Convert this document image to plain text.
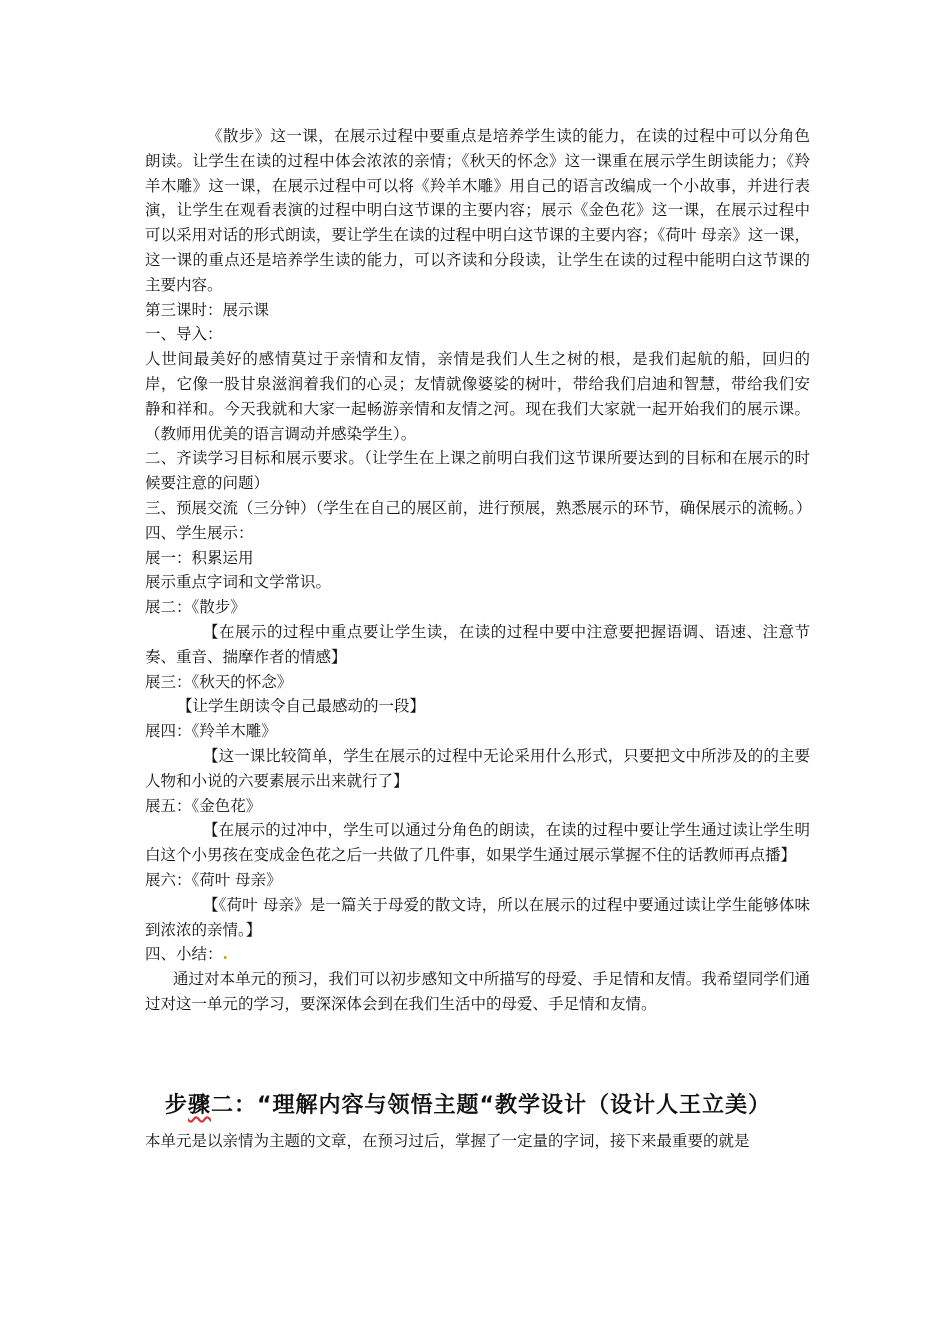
《散步》这一课，在展示过程中要重点是培养学生读的能力，在读的过程中可以分角色朗读。让学生在读的过程中体会浓浓的亲情；《秋天的怀念》这一课重在展示学生朗读能力；《羚羊木雕》这一课，在展示过程中可以将《羚羊木雕》用自己的语言改编成一个小故事，并进行表演，让学生在观看表演的过程中明白这节课的主要内容；展示《金色花》这一课，在展示过程中可以采用对话的形式朗读，要让学生在读的过程中明白这节课的主要内容；《荷叶 母亲》这一课，这一课的重点还是培养学生读的能力，可以齐读和分段读，让学生在读的过程中能明白这节课的主要内容。

第三课时：展示课

一、导入：

人世间最美好的感情莫过于亲情和友情，亲情是我们人生之树的根，是我们起航的船，回归的岸，它像一股甘泉滋润着我们的心灵；友情就像婆娑的树叶，带给我们启迪和智慧，带给我们安静和祥和。今天我就和大家一起畅游亲情和友情之河。现在我们大家就一起开始我们的展示课。（教师用优美的语言调动并感染学生）。

二、齐读学习目标和展示要求。（让学生在上课之前明白我们这节课所要达到的目标和在展示的时候要注意的问题）

三、预展交流（三分钟）（学生在自己的展区前，进行预展，熟悉展示的环节，确保展示的流畅。）

四、学生展示：

展一：积累运用

展示重点字词和文学常识。

展二：《散步》

【在展示的过程中重点要让学生读，在读的过程中要中注意要把握语调、语速、注意节奏、重音、揣摩作者的情感】

展三：《秋天的怀念》

【让学生朗读令自己最感动的一段】

展四：《羚羊木雕》

【这一课比较简单，学生在展示的过程中无论采用什么形式，只要把文中所涉及的的主要人物和小说的六要素展示出来就行了】

展五：《金色花》

【在展示的过冲中，学生可以通过分角色的朗读，在读的过程中要让学生通过读让学生明白这个小男孩在变成金色花之后一共做了几件事，如果学生通过展示掌握不住的话教师再点播】

展六：《荷叶 母亲》

【《荷叶 母亲》是一篇关于母爱的散文诗，所以在展示的过程中要通过读让学生能够体味到浓浓的亲情。】

四、小结：.

通过对本单元的预习，我们可以初步感知文中所描写的母爱、手足情和友情。我希望同学们通过对这一单元的学习，要深深体会到在我们生活中的母爱、手足情和友情。

步骤二：“理解内容与领悟主题“教学设计（设计人王立美）

本单元是以亲情为主题的文章，在预习过后，掌握了一定量的字词，接下来最重要的就是
